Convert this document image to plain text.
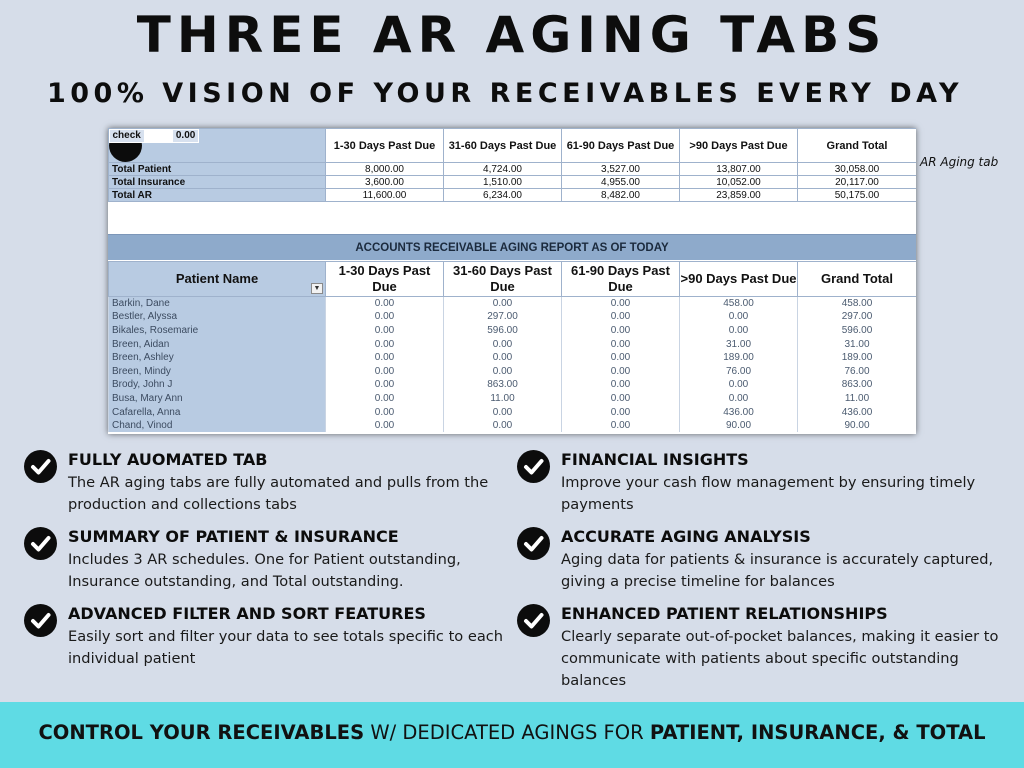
THREE AR AGING TABS
100% VISION OF YOUR RECEIVABLES EVERY DAY
	1-30 Days Past Due	31-60 Days Past Due	61-90 Days Past Due	>90 Days Past Due	Grand Total
Total Patient	8,000.00	4,724.00	3,527.00	13,807.00	30,058.00
Total Insurance	3,600.00	1,510.00	4,955.00	10,052.00	20,117.00
Total AR	11,600.00	6,234.00	8,482.00	23,859.00	50,175.00

check					0.00
ACCOUNTS RECEIVABLE AGING REPORT AS OF TODAY
Patient Name
▼	1-30 Days Past Due	31-60 Days Past Due	61-90 Days Past Due	>90 Days Past Due	Grand Total
Barkin, Dane	0.00	0.00	0.00	458.00	458.00
Bestler, Alyssa	0.00	297.00	0.00	0.00	297.00
Bikales, Rosemarie	0.00	596.00	0.00	0.00	596.00
Breen, Aidan	0.00	0.00	0.00	31.00	31.00
Breen, Ashley	0.00	0.00	0.00	189.00	189.00
Breen, Mindy	0.00	0.00	0.00	76.00	76.00
Brody, John J	0.00	863.00	0.00	0.00	863.00
Busa, Mary Ann	0.00	11.00	0.00	0.00	11.00
Cafarella, Anna	0.00	0.00	0.00	436.00	436.00
Chand, Vinod	0.00	0.00	0.00	90.00	90.00
AR Aging tab
FULLY AUOMATED TAB
The AR aging tabs are fully automated and pulls from the production and collections tabs
SUMMARY OF PATIENT & INSURANCE
Includes 3 AR schedules. One for Patient outstanding, Insurance outstanding, and Total outstanding.
ADVANCED FILTER AND SORT FEATURES
Easily sort and filter your data to see totals specific to each individual patient
FINANCIAL INSIGHTS
Improve your cash flow management by ensuring timely payments
ACCURATE AGING ANALYSIS
Aging data for patients & insurance is accurately captured, giving a precise timeline for balances
ENHANCED PATIENT RELATIONSHIPS
Clearly separate out-of-pocket balances, making it easier to communicate with patients about specific outstanding balances
CONTROL YOUR RECEIVABLES W/ DEDICATED AGINGS FOR PATIENT, INSURANCE, & TOTAL
